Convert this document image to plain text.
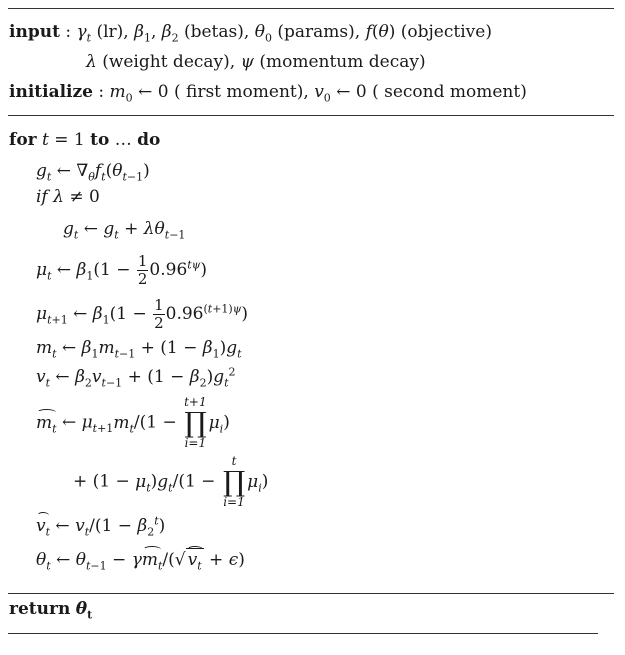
input : $\gamma_t$ (lr), $\beta_1$, $\beta_2$ (betas), $\theta_0$ (params), f(θ) (objective)
λ (weight decay), ψ (momentum decay)
initialize : $m_0$ ← 0 ( first moment), $v_0$ ← 0 ( second moment)
for t = 1 to … do
$g_t$ ← $\nabla_\theta f_t(\theta_{t-1})$
if λ ≠ 0
$g_t$ ← $g_t + \lambda\theta_{t-1}$
$\mu_t$ ← $\beta_1(1 - \frac{1}{2} 0.96^{t\psi})$
$\mu_{t+1}$ ← $\beta_1(1 - \frac{1}{2} 0.96^{(t+1)\psi})$
$m_t$ ← $\beta_1m_{t-1} + (1 - \beta_1)g_t$
$v_t$ ← $\beta_2v_{t-1} + (1 - \beta_2)g_t^2$
$m_t$ ← $\mu_{t+1}m_t/(1$ −
t+1
∏
i=1
$\mu_i$)
+ $(1 - \mu_t)g_t/(1$ −
t
∏
i=1
$\mu_i$)
$v_t$ ← $v_t/(1 - \beta_2^t)$
$\theta_t$ ← $\theta_{t-1} - \gamma m_t/(√$ $v_t + \epsilon$)
return $\theta_t$
